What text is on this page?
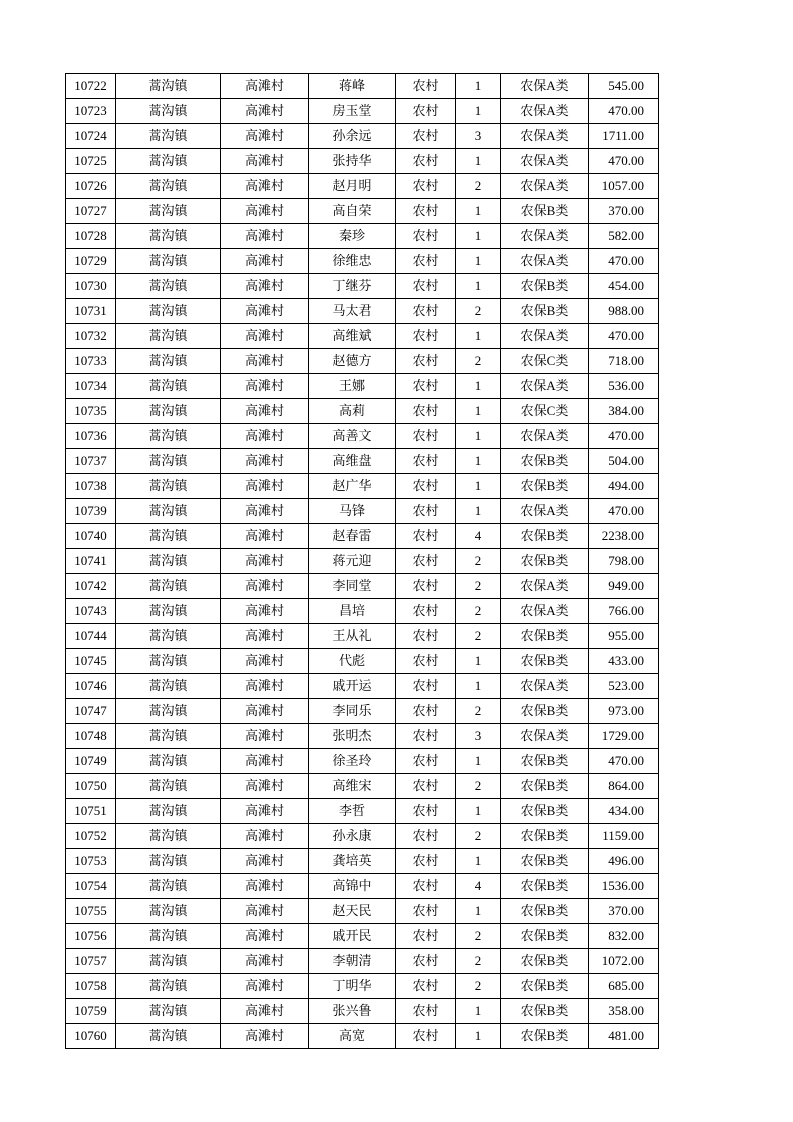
10722	蒿沟镇	高滩村	蒋峰	农村	1	农保A类	545.00
10723	蒿沟镇	高滩村	房玉堂	农村	1	农保A类	470.00
10724	蒿沟镇	高滩村	孙余远	农村	3	农保A类	1711.00
10725	蒿沟镇	高滩村	张持华	农村	1	农保A类	470.00
10726	蒿沟镇	高滩村	赵月明	农村	2	农保A类	1057.00
10727	蒿沟镇	高滩村	高自荣	农村	1	农保B类	370.00
10728	蒿沟镇	高滩村	秦珍	农村	1	农保A类	582.00
10729	蒿沟镇	高滩村	徐维忠	农村	1	农保A类	470.00
10730	蒿沟镇	高滩村	丁继芬	农村	1	农保B类	454.00
10731	蒿沟镇	高滩村	马太君	农村	2	农保B类	988.00
10732	蒿沟镇	高滩村	高维斌	农村	1	农保A类	470.00
10733	蒿沟镇	高滩村	赵德方	农村	2	农保C类	718.00
10734	蒿沟镇	高滩村	王娜	农村	1	农保A类	536.00
10735	蒿沟镇	高滩村	高莉	农村	1	农保C类	384.00
10736	蒿沟镇	高滩村	高善文	农村	1	农保A类	470.00
10737	蒿沟镇	高滩村	高维盘	农村	1	农保B类	504.00
10738	蒿沟镇	高滩村	赵广华	农村	1	农保B类	494.00
10739	蒿沟镇	高滩村	马锋	农村	1	农保A类	470.00
10740	蒿沟镇	高滩村	赵春雷	农村	4	农保B类	2238.00
10741	蒿沟镇	高滩村	蒋元迎	农村	2	农保B类	798.00
10742	蒿沟镇	高滩村	李同堂	农村	2	农保A类	949.00
10743	蒿沟镇	高滩村	昌培	农村	2	农保A类	766.00
10744	蒿沟镇	高滩村	王从礼	农村	2	农保B类	955.00
10745	蒿沟镇	高滩村	代彪	农村	1	农保B类	433.00
10746	蒿沟镇	高滩村	戚开运	农村	1	农保A类	523.00
10747	蒿沟镇	高滩村	李同乐	农村	2	农保B类	973.00
10748	蒿沟镇	高滩村	张明杰	农村	3	农保A类	1729.00
10749	蒿沟镇	高滩村	徐圣玲	农村	1	农保B类	470.00
10750	蒿沟镇	高滩村	高维宋	农村	2	农保B类	864.00
10751	蒿沟镇	高滩村	李哲	农村	1	农保B类	434.00
10752	蒿沟镇	高滩村	孙永康	农村	2	农保B类	1159.00
10753	蒿沟镇	高滩村	龚培英	农村	1	农保B类	496.00
10754	蒿沟镇	高滩村	高锦中	农村	4	农保B类	1536.00
10755	蒿沟镇	高滩村	赵天民	农村	1	农保B类	370.00
10756	蒿沟镇	高滩村	戚开民	农村	2	农保B类	832.00
10757	蒿沟镇	高滩村	李朝清	农村	2	农保B类	1072.00
10758	蒿沟镇	高滩村	丁明华	农村	2	农保B类	685.00
10759	蒿沟镇	高滩村	张兴鲁	农村	1	农保B类	358.00
10760	蒿沟镇	高滩村	高宽	农村	1	农保B类	481.00
